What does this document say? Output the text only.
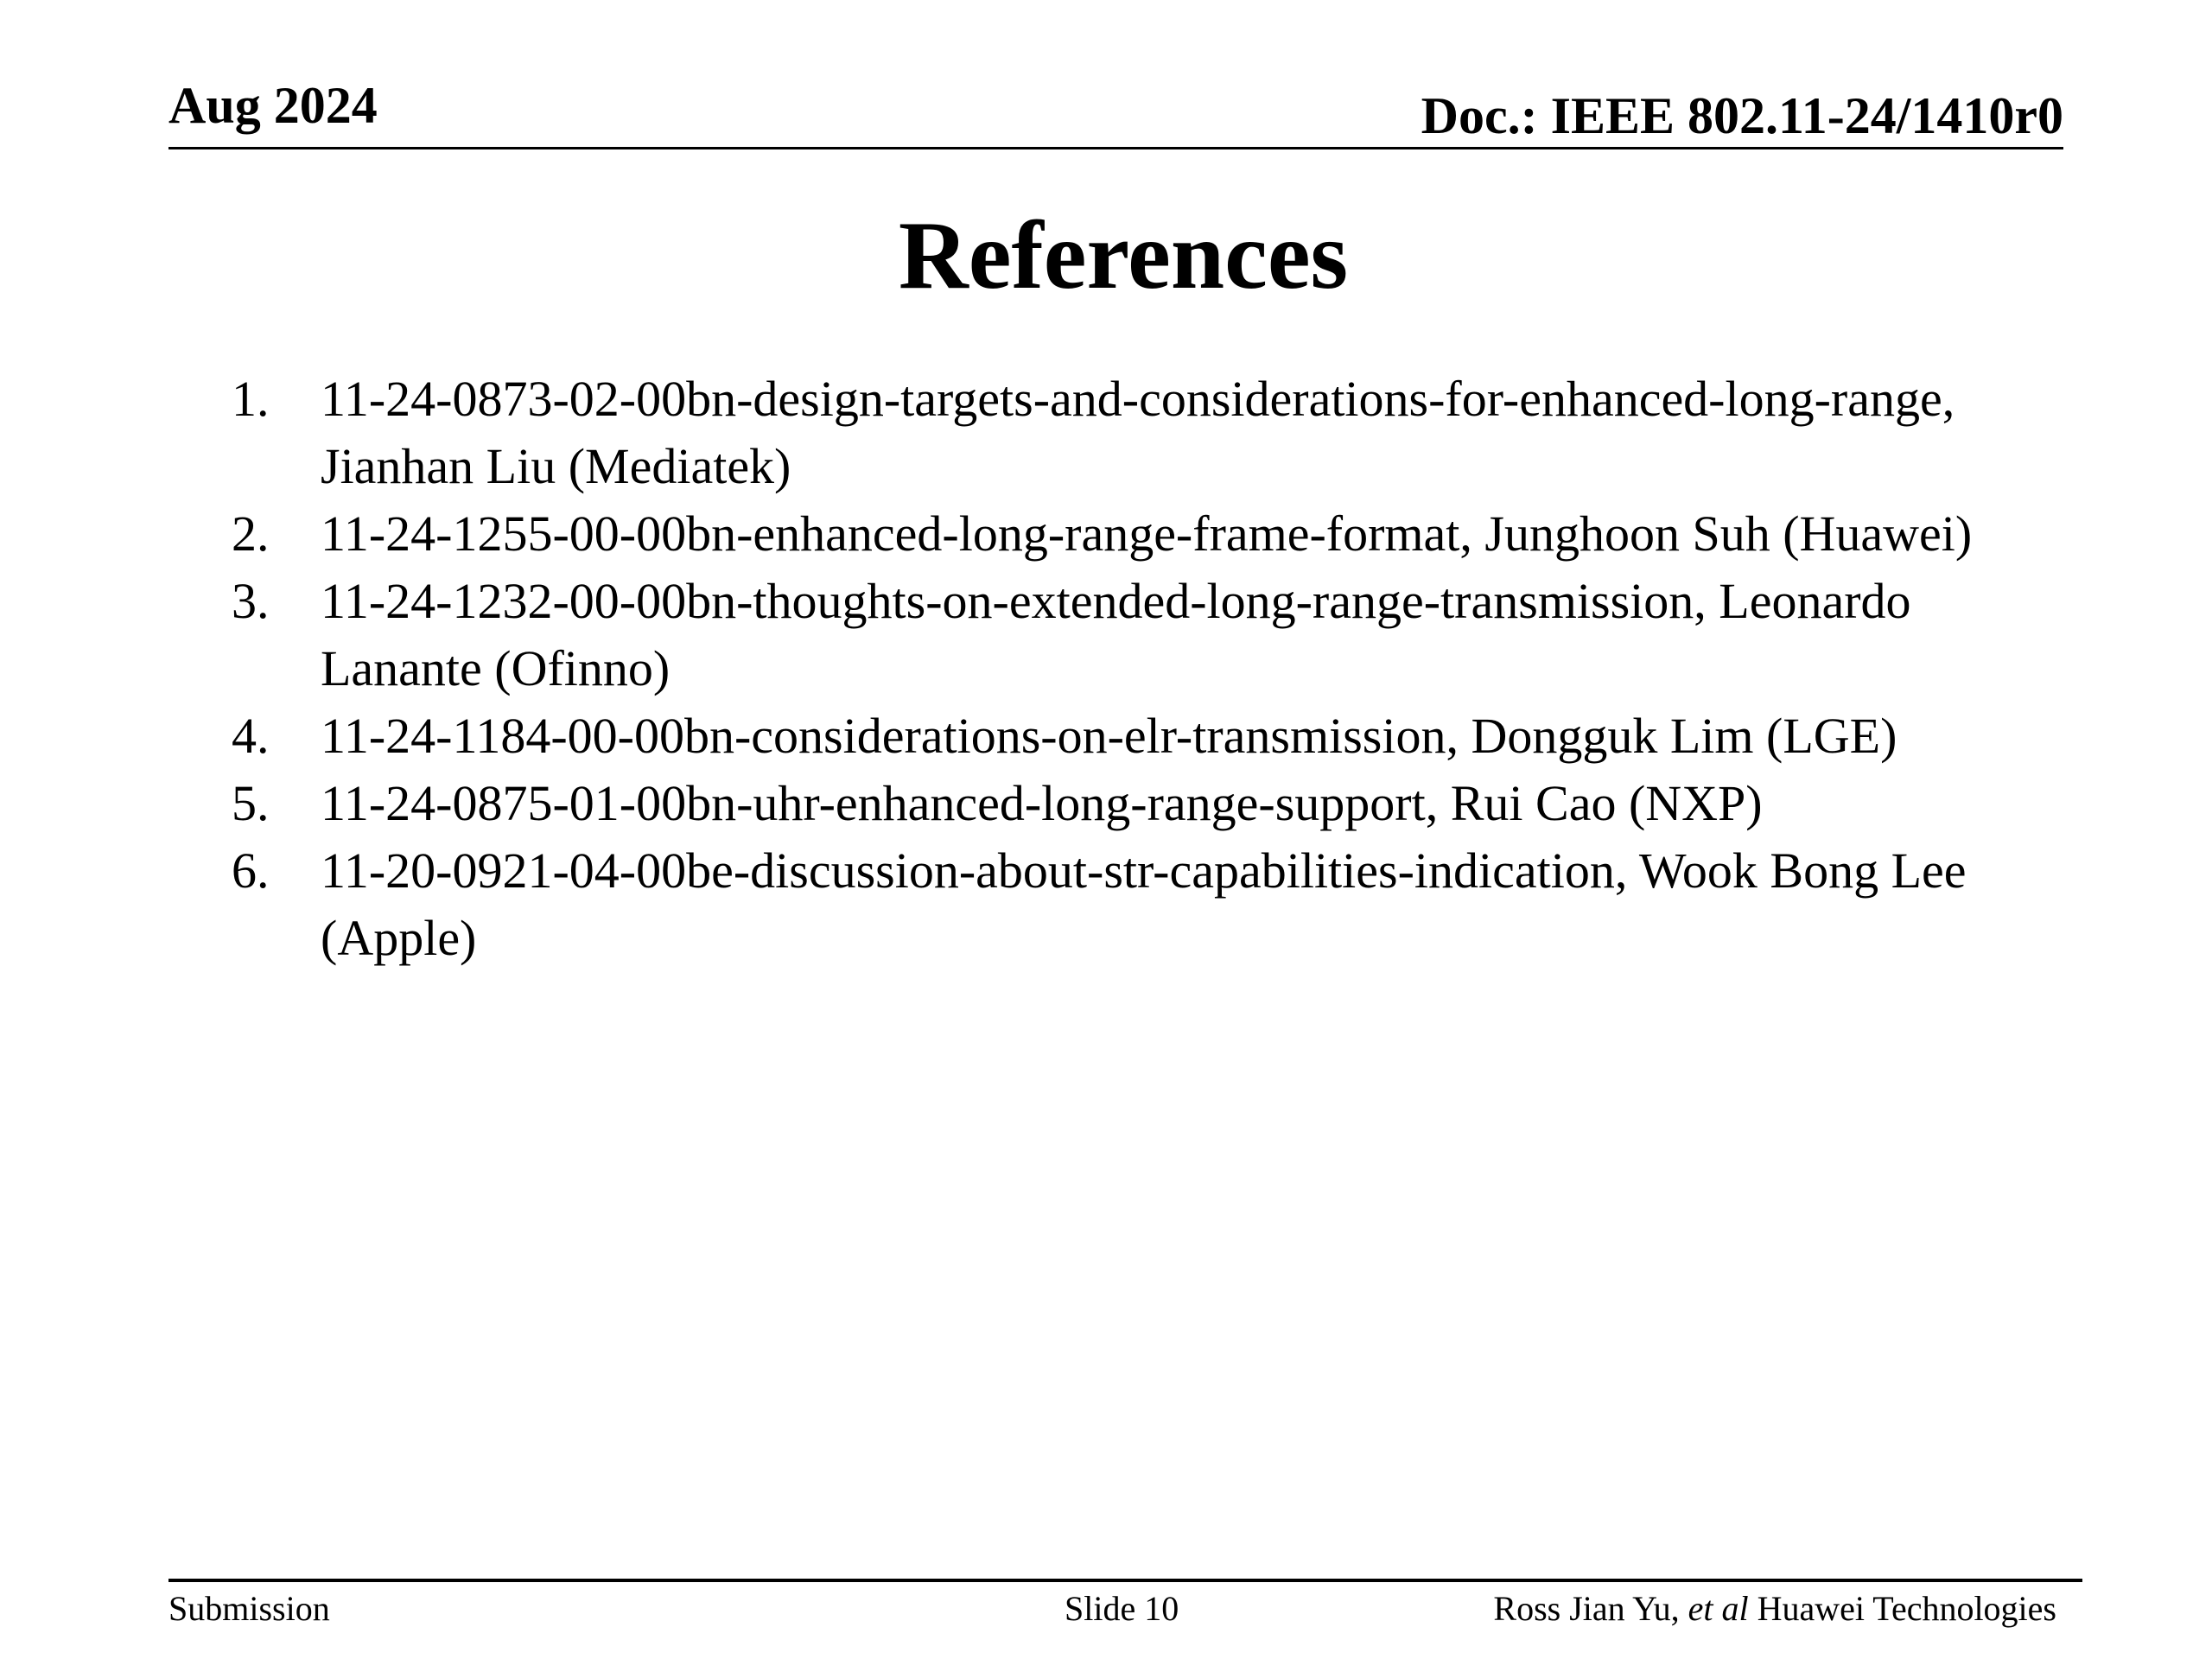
Aug 2024	Doc.: IEEE 802.11-24/1410r0
References
1. 11-24-0873-02-00bn-design-targets-and-considerations-for-enhanced-long-range, Jianhan Liu (Mediatek)
2. 11-24-1255-00-00bn-enhanced-long-range-frame-format, Junghoon Suh (Huawei)
3. 11-24-1232-00-00bn-thoughts-on-extended-long-range-transmission, Leonardo Lanante (Ofinno)
4. 11-24-1184-00-00bn-considerations-on-elr-transmission, Dongguk Lim (LGE)
5. 11-24-0875-01-00bn-uhr-enhanced-long-range-support, Rui Cao (NXP)
6. 11-20-0921-04-00be-discussion-about-str-capabilities-indication, Wook Bong Lee (Apple)
Submission	Slide 10	Ross Jian Yu, et al Huawei Technologies
